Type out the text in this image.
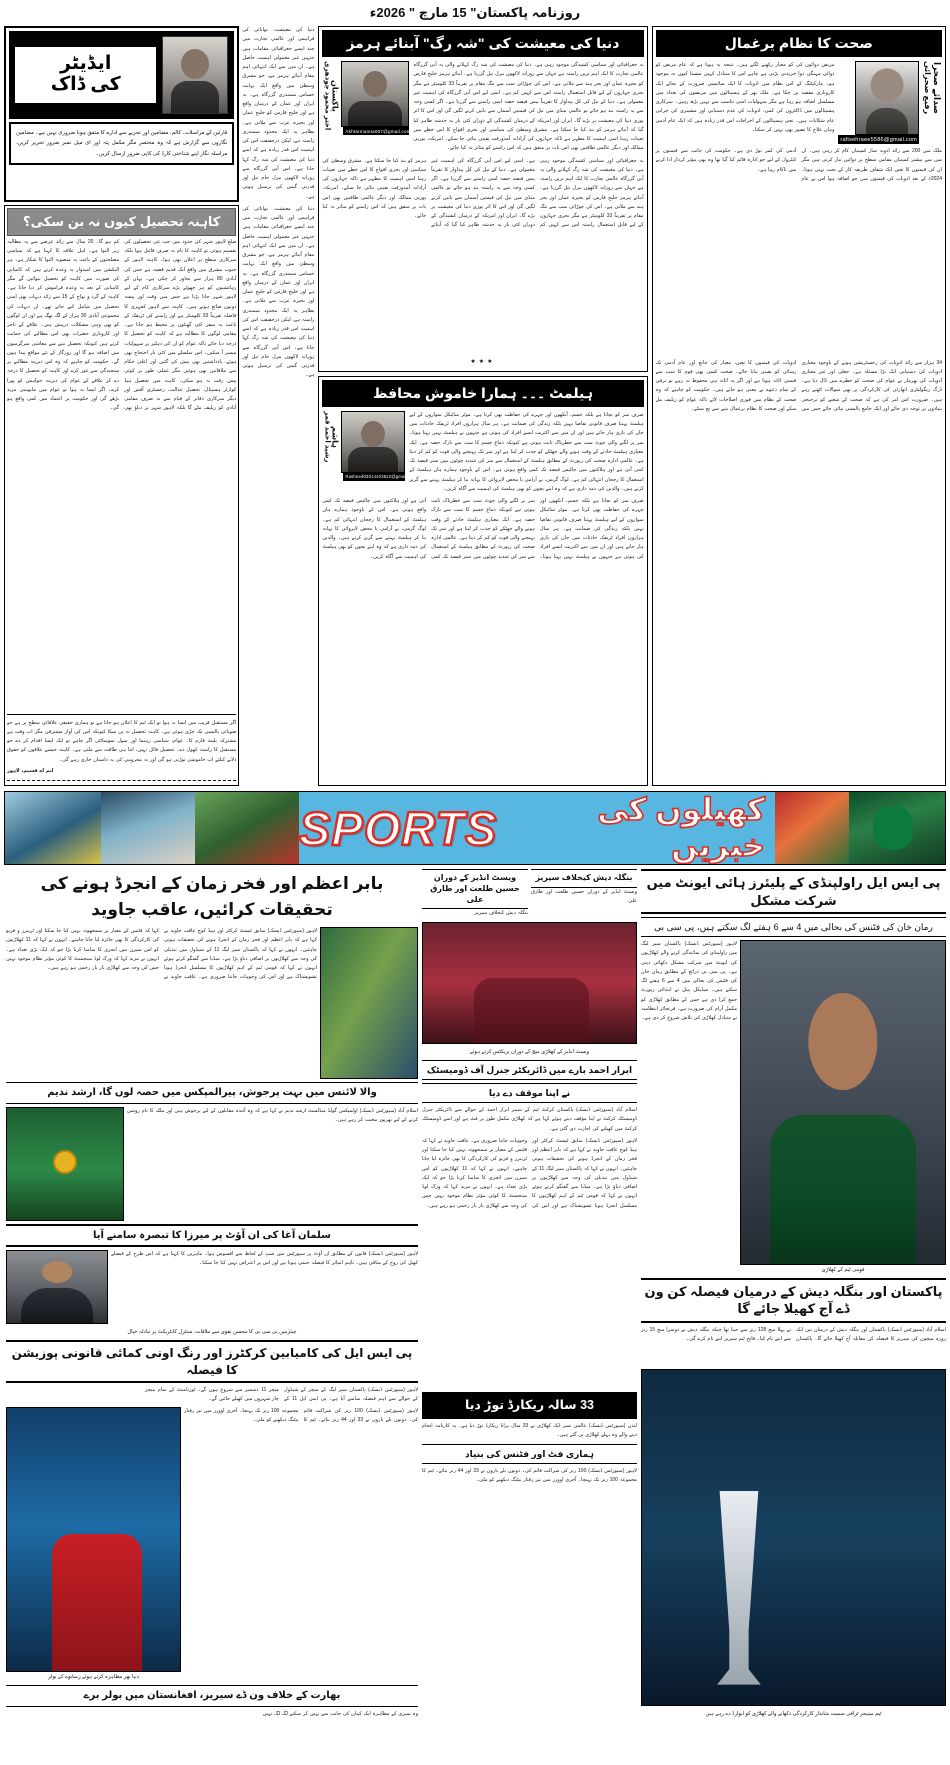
روزنامہ پاکستان" 15 مارچ " 2026ء
صحت کا نظام یرغمال
صدائے صحرا
رفیع صحرائی
rafisehraee5586@gmail.com
مریض دوائوں کی کو معیار رکھتے لگتے ہیں۔ نتیجہ یہ ہوتا ہے کہ عام مریض کو دوائی مہنگی دوا خریدنی پڑتی ہے چاہے اس کا متبادل کہیں سستا کیوں نہ موجود ہو۔ مارکیٹنگ کے اس نظام میں ادویات کا ایک سائنسی ضرورت کے بجائے ایک کاروباری مقصد بن چکا ہے۔ ملک بھر کے ہسپتالوں میں مریضوں کی تعداد میں مسلسل اضافہ ہو رہا ہے مگر سہولیات اسی تناسب سے نہیں بڑھ رہیں۔ سرکاری ہسپتالوں میں ڈاکٹروں کی کمی، ادویات کی عدم دستیابی اور مشینری کی خرابی عام شکایات ہیں۔ نجی ہسپتالوں کے اخراجات اس قدر زیادہ ہیں کہ ایک عام آدمی وہاں علاج کا تصور بھی نہیں کر سکتا۔
ملک میں 200 سے زائد ادویہ ساز کمپنیاں کام کر رہی ہیں۔ ان میں سے بیشتر کمپنیاں مقامی سطح پر دوائیں تیار کرتی ہیں مگر ان کی قیمتوں کا تعین ایک شفاف طریقہ کار کے تحت نہیں ہوتا۔ 2024ء کے بعد ادویات کی قیمتوں میں جو اضافہ ہوا اس نے عام آدمی کی کمر توڑ دی ہے۔ حکومت کی جانب سے قیمتوں پر کنٹرول کے لیے جو ادارہ قائم کیا گیا تھا وہ بھی مؤثر کردار ادا کرنے میں ناکام رہا ہے۔
34 ہزار سے زائد ادویات کی رجسٹریشن ہونے کے باوجود معیاری ادویات کی دستیابی ایک بڑا مسئلہ ہے۔ جعلی اور غیر معیاری ادویات کی بھرمار نے عوام کی صحت کو خطرے میں ڈال دیا ہے۔ ڈرگ ریگولیٹری اتھارٹی کی کارکردگی پر بھی سوالات اٹھتے رہے ہیں۔ ضرورت اس امر کی ہے کہ صحت کے شعبے کو ترجیحی بنیادوں پر توجہ دی جائے اور ایک جامع پالیسی بنائی جائے جس میں ادویات کی قیمتوں کا تعین، معیار کی جانچ اور عام آدمی تک رسائی کو یقینی بنایا جائے۔ صحت کسی بھی قوم کا سب سے قیمتی اثاثہ ہوتا ہے اور اگر یہ اثاثہ ہی محفوظ نہ رہے تو ترقی کے تمام دعوے بے معنی ہو جاتے ہیں۔ حکومت کو چاہیے کہ وہ صحت کے نظام میں فوری اصلاحات لائے تاکہ عوام کو ریلیف مل سکے اور صحت کا نظام یرغمال بننے سے بچ سکے۔
دنیا کی معیشت کی "شہ رگ" آبنائے ہرمز
یہ جغرافیائی اور سیاسی کشیدگی موجود رہی ہے۔ دنیا کی معیشت کی شہ رگ کہلانے والی یہ آبی گزرگاہ عالمی تجارت کا ایک اہم ترین راستہ ہے جہاں سے روزانہ لاکھوں بیرل تیل گزرتا ہے۔ آبنائے ہرمز خلیج فارس کو بحیرہ عمان اور بحر ہند سے ملاتی ہے۔ اس کی چوڑائی سب سے تنگ مقام پر تقریباً 33 کلومیٹر ہے مگر بحری جہازوں کے لیے قابل استعمال راستہ اس سے کہیں کم ہے۔ اسی لیے اس آبی گزرگاہ کی اہمیت غیر معمولی ہے۔ دنیا کے تیل کی کل پیداوار کا تقریباً بیس فیصد حصہ اسی راستے سے گزرتا ہے۔ اگر کسی وجہ سے یہ راستہ بند ہو جائے تو عالمی منڈی میں تیل کی قیمتیں آسمان سے باتیں کرنے لگیں گی اور اس کا اثر پوری دنیا کی معیشت پر پڑے گا۔ ایران اور امریکہ کے درمیان کشیدگی کے دوران کئی بار یہ خدشہ ظاہر کیا گیا کہ آبنائے ہرمز کو بند کیا جا سکتا ہے۔ مشرق وسطیٰ کی سیاسی اور بحری افواج کا اس خطے میں تعینات رہنا اسی اہمیت کا مظہر ہے تاکہ جہازوں کی آزادانہ آمدورفت یقینی بنائی جا سکے۔ امریکہ، یورپی ممالک اور دیگر عالمی طاقتیں بھی اس بات پر متفق ہیں کہ اس راستے کو متاثر نہ کیا جائے۔
Akhtarmamta007@gmail.com
پاکستان
اختر محمود چودھری
یہ جغرافیائی اور سیاسی کشیدگی موجود رہی ہے۔ دنیا کی معیشت کی شہ رگ کہلانے والی یہ آبی گزرگاہ عالمی تجارت کا ایک اہم ترین راستہ ہے جہاں سے روزانہ لاکھوں بیرل تیل گزرتا ہے۔ آبنائے ہرمز خلیج فارس کو بحیرہ عمان اور بحر ہند سے ملاتی ہے۔ اس کی چوڑائی سب سے تنگ مقام پر تقریباً 33 کلومیٹر ہے مگر بحری جہازوں کے لیے قابل استعمال راستہ اس سے کہیں کم ہے۔ اسی لیے اس آبی گزرگاہ کی اہمیت غیر معمولی ہے۔ دنیا کے تیل کی کل پیداوار کا تقریباً بیس فیصد حصہ اسی راستے سے گزرتا ہے۔ اگر کسی وجہ سے یہ راستہ بند ہو جائے تو عالمی منڈی میں تیل کی قیمتیں آسمان سے باتیں کرنے لگیں گی اور اس کا اثر پوری دنیا کی معیشت پر پڑے گا۔ ایران اور امریکہ کے درمیان کشیدگی کے دوران کئی بار یہ خدشہ ظاہر کیا گیا کہ آبنائے ہرمز کو بند کیا جا سکتا ہے۔ مشرق وسطیٰ کی سیاسی اور بحری افواج کا اس خطے میں تعینات رہنا اسی اہمیت کا مظہر ہے تاکہ جہازوں کی آزادانہ آمدورفت یقینی بنائی جا سکے۔ امریکہ، یورپی ممالک اور دیگر عالمی طاقتیں بھی اس بات پر متفق ہیں کہ اس راستے کو متاثر نہ کیا جائے۔
★★★
ہیلمٹ ۔۔۔ ہمارا خاموش محافظ
صرف سر کو بچاتا ہے بلکہ جسم، آنکھوں اور چہرے کی حفاظت بھی کرتا ہے۔ موٹر سائیکل سواروں کے لیے ہیلمٹ پہننا صرف قانونی تقاضا نہیں بلکہ زندگی کی ضمانت ہے۔ ہر سال ہزاروں افراد ٹریفک حادثات میں جان کی بازی ہار جاتے ہیں اور ان میں سے اکثریت ایسے افراد کی ہوتی ہے جنہوں نے ہیلمٹ نہیں پہنا ہوتا۔ سر پر لگنے والی چوٹ سب سے خطرناک ثابت ہوتی ہے کیونکہ دماغ جسم کا سب سے نازک حصہ ہے۔ ایک معیاری ہیلمٹ حادثے کے وقت ہونے والے جھٹکے کو جذب کر لیتا ہے اور سر تک پہنچنے والی قوت کو کم کر دیتا ہے۔ عالمی ادارہ صحت کی رپورٹ کے مطابق ہیلمٹ کے استعمال سے سر کی شدید چوٹوں میں ستر فیصد تک کمی آتی ہے اور ہلاکتوں میں چالیس فیصد تک کمی واقع ہوتی ہے۔ اس کے باوجود ہمارے ہاں ہیلمٹ کے استعمال کا رجحان انتہائی کم ہے۔ لوگ گرمی، بے آرامی یا محض لاپروائی کا بہانہ بنا کر ہیلمٹ پہننے سے گریز کرتے ہیں۔ والدین کی ذمہ داری ہے کہ وہ اپنے بچوں کو بھی ہیلمٹ کی اہمیت سے آگاہ کریں۔
Rasheed03014403622@gmail.com
ہاشم
رشید احمد قمر
صرف سر کو بچاتا ہے بلکہ جسم، آنکھوں اور چہرے کی حفاظت بھی کرتا ہے۔ موٹر سائیکل سواروں کے لیے ہیلمٹ پہننا صرف قانونی تقاضا نہیں بلکہ زندگی کی ضمانت ہے۔ ہر سال ہزاروں افراد ٹریفک حادثات میں جان کی بازی ہار جاتے ہیں اور ان میں سے اکثریت ایسے افراد کی ہوتی ہے جنہوں نے ہیلمٹ نہیں پہنا ہوتا۔ سر پر لگنے والی چوٹ سب سے خطرناک ثابت ہوتی ہے کیونکہ دماغ جسم کا سب سے نازک حصہ ہے۔ ایک معیاری ہیلمٹ حادثے کے وقت ہونے والے جھٹکے کو جذب کر لیتا ہے اور سر تک پہنچنے والی قوت کو کم کر دیتا ہے۔ عالمی ادارہ صحت کی رپورٹ کے مطابق ہیلمٹ کے استعمال سے سر کی شدید چوٹوں میں ستر فیصد تک کمی آتی ہے اور ہلاکتوں میں چالیس فیصد تک کمی واقع ہوتی ہے۔ اس کے باوجود ہمارے ہاں ہیلمٹ کے استعمال کا رجحان انتہائی کم ہے۔ لوگ گرمی، بے آرامی یا محض لاپروائی کا بہانہ بنا کر ہیلمٹ پہننے سے گریز کرتے ہیں۔ والدین کی ذمہ داری ہے کہ وہ اپنے بچوں کو بھی ہیلمٹ کی اہمیت سے آگاہ کریں۔
دنیا کی معیشت، توانائی کی فراہمی اور عالمی تجارت میں چند ایسے جغرافیائی مقامات ہیں جنہیں غیر معمولی اہمیت حاصل ہے۔ ان میں سے ایک انتہائی اہم مقام آبنائے ہرمز ہے، جو مشرق وسطیٰ میں واقع ایک نہایت حساس سمندری گزرگاہ ہے۔ یہ ایران اور عمان کے درمیان واقع ہے اور خلیج فارس کو خلیج عمان اور بحیرہ عرب سے ملاتی ہے۔ بظاہر یہ ایک محدود سمندری راستہ ہے، لیکن درحقیقت اس کی اہمیت اس قدر زیادہ ہے کہ اسے دنیا کی معیشت کی شہ رگ کہا جاتا ہے۔ اس آبی گزرگاہ سے روزانہ لاکھوں بیرل خام تیل اور قدرتی گیس کی ترسیل ہوتی ہے۔
ایڈیٹر
کی ڈاک
قارئین کے مراسلات، کالم، مضامین اور تجزیے سے ادارے کا متفق ہونا ضروری نہیں ہے۔ مضامین نگاروں سے گزارش ہے کہ وہ مختصر مگر مکمل پتہ اور ای میل نمبر ضرور تحریر کریں، مراسلہ نگار اپنے شناختی کارڈ کی کاپی ضرور ارسال کریں۔
دنیا کی معیشت، توانائی کی فراہمی اور عالمی تجارت میں چند ایسے جغرافیائی مقامات ہیں جنہیں غیر معمولی اہمیت حاصل ہے۔ ان میں سے ایک انتہائی اہم مقام آبنائے ہرمز ہے، جو مشرق وسطیٰ میں واقع ایک نہایت حساس سمندری گزرگاہ ہے۔ یہ ایران اور عمان کے درمیان واقع ہے اور خلیج فارس کو خلیج عمان اور بحیرہ عرب سے ملاتی ہے۔ بظاہر یہ ایک محدود سمندری راستہ ہے، لیکن درحقیقت اس کی اہمیت اس قدر زیادہ ہے کہ اسے دنیا کی معیشت کی شہ رگ کہا جاتا ہے۔ اس آبی گزرگاہ سے روزانہ لاکھوں بیرل خام تیل اور قدرتی گیس کی ترسیل ہوتی ہے۔
کاہنہ تحصیل کیوں نہ بن سکی؟
ضلع لاہور شہر کی حدود میں جب نئی تحصیلوں کی تقسیم ہوئی تو کاہنہ کا نام نہ صرف فائنل ہوا بلکہ سرکاری سطح پر اعلان بھی ہوا۔ کاہنہ لاہور کے جنوب مشرق میں واقع ایک قدیم قصبہ ہے جس کی آبادی 80 ہزار سے تجاوز کر چکی ہے۔ یہاں کے رہائشیوں کو ہر چھوٹے بڑے سرکاری کام کے لیے لاہور شہر جانا پڑتا ہے جس میں وقت اور پیسہ دونوں ضائع ہوتے ہیں۔ کاہنہ سے لاہور کچہری کا فاصلہ تقریباً 33 کلومیٹر ہے اور راستے کی ٹریفک کے باعث یہ سفر کئی گھنٹوں پر محیط ہو جاتا ہے۔ مقامی لوگوں کا مطالبہ ہے کہ کاہنہ کو تحصیل کا درجہ دیا جائے تاکہ عوام کو ان کی دہلیز پر سہولیات میسر آ سکیں۔ اس سلسلے میں کئی بار احتجاج بھی ہوئے، یادداشتیں بھی پیش کی گئیں اور اعلیٰ حکام سے ملاقاتیں بھی ہوئیں مگر عملی طور پر کوئی پیش رفت نہ ہو سکی۔ کاہنہ میں تحصیل ہیڈ کوارٹر ہسپتال، تحصیل عدالت، رجسٹری آفس اور دیگر سرکاری دفاتر کے قیام سے نہ صرف مقامی آبادی کو ریلیف ملے گا بلکہ لاہور شہر پر دباؤ بھی کم ہو گا۔ 20 سال سے زائد عرصے سے یہ مطالبہ زیر التوا ہے۔ اہل علاقہ کا کہنا ہے کہ سیاسی مصلحتوں کے باعث یہ منصوبہ التوا کا شکار ہے۔ ہر الیکشن میں امیدوار یہ وعدہ کرتے ہیں کہ کامیابی کی صورت میں کاہنہ کو تحصیل بنوائیں گے مگر کامیابی کے بعد یہ وعدہ فراموش کر دیا جاتا ہے۔ کاہنہ کے گرد و نواح کے 15 سے زائد دیہات بھی اسی تحصیل میں شامل کیے جانے تھے۔ ان دیہات کی مجموعی آبادی 30 ہزار کے لگ بھگ ہے اور ان لوگوں کو بھی وہی مشکلات درپیش ہیں۔ علاقے کے تاجر اور کاروباری حضرات بھی اس مطالبے کی حمایت کرتے ہیں کیونکہ تحصیل بننے سے معاشی سرگرمیوں میں اضافہ ہو گا اور روزگار کے نئے مواقع پیدا ہوں گے۔ حکومت کو چاہیے کہ وہ اس دیرینہ مطالبے پر سنجیدگی سے غور کرے اور کاہنہ کو تحصیل کا درجہ دے کر علاقے کے عوام کی دیرینہ خواہش کو پورا کرے۔ اگر ایسا نہ ہوا تو عوام میں مایوسی مزید بڑھے گی اور حکومت پر اعتماد میں کمی واقع ہو گی۔
اگر مستقبل قریب میں ایسا نہ ہوا تو ایک ٹیم کا اعلان ہو جاتا ہے تو ہماری حقیقی علاقائی سطح پر ہے جو صوبائی پالیسی تک جڑی ہوئی ہے۔ کاہنہ تحصیل نہ بن سکا کیونکہ اس کی آواز مشترقی مگر اب وقت ہے مشترکہ پلیٹ فارم کا۔ عوام، سیاسی رہنما اور سول سوسائٹی اگر چاہے تو ایک ایسا اقدام کر دے جو مستقبل کا راستہ کھول دے۔ تحصیل فائل نہیں، اتنا ہی طاقت سے ملتی ہے۔ کاہنہ جیسے علاقوں کو حقوق دلانے کیلئے اب خاموشی توڑنی ہو گی اور نہ محرومی کی یہ داستان جاری رہے گی۔
ایم اے قسیم، لاہور
کھیلوں کی خبریں
SPORTS
پی ایس ایل راولپنڈی کے پلیئرز ہائی ایونٹ میں شرکت مشکل
رمان خان کی فٹنس کی بحالی میں 4 سے 6 ہفتے لگ سکتے ہیں، پی سی بی
قومی ٹیم کے کھلاڑی
لاہور (سپورٹس ڈیسک) پاکستان سپر لیگ میں راولپنڈی کی نمائندگی کرنے والے کھلاڑیوں کی ایونٹ میں شرکت مشکل دکھائی دیتی ہے۔ پی سی بی ذرائع کے مطابق رمان خان کی فٹنس کی بحالی میں 4 سے 6 ہفتے لگ سکتے ہیں۔ میڈیکل پینل نے ابتدائی رپورٹ جمع کرا دی ہے جس کے مطابق کھلاڑی کو مکمل آرام کی ضرورت ہے۔ فرنچائز انتظامیہ نے متبادل کھلاڑی کی تلاش شروع کر دی ہے۔
پاکستان اور بنگلہ دیش کے درمیان فیصلہ کن ون ڈے آج کھیلا جائے گا
اسلام آباد (سپورٹس ڈیسک) پاکستان اور بنگلہ دیش کے درمیان تین ایک روزہ میچوں کی سیریز کا فیصلہ کن مقابلہ آج کھیلا جائے گا۔ پاکستان نے پہلا میچ 128 رنز سے جیتا تھا جبکہ بنگلہ دیش نے دوسرا میچ 15 رنز سے اپنے نام کیا۔ فاتح ٹیم سیریز اپنے نام کرے گی۔
ٹیم مینیجر ٹرافی سمیت شاندار کارکردگی دکھانے والے کھلاڑی کو ایوارڈ دے رہے ہیں
بنگلہ دیش کیخلاف سیریز
ویسٹ انڈیز کے دوران حسین طلعت اور طارق علی
ویسٹ انڈیز کے دوران حسین طلعت اور طارق علی
بنگلہ دیش کیخلاف سیریز
ویسٹ انڈیز کے کھلاڑی میچ کے دوران پریکٹس کرتے ہوئے
ابرار احمد بارے میں ڈائریکٹر جنرل آف ڈومیسٹک
نے اپنا موقف دے دیا
اسلام آباد (سپورٹس ڈیسک) پاکستان کرکٹ ٹیم کے سپنر ابرار احمد کے حوالے سے ڈائریکٹر جنرل ڈومیسٹک کرکٹ نے اپنا مؤقف دیتے ہوئے کہا ہے کہ کھلاڑی مکمل طور پر فٹ ہے اور اسے ڈومیسٹک کرکٹ میں کھیلنے کی اجازت دی گئی ہے۔
لاہور (سپورٹس ڈیسک) سابق ٹیسٹ کرکٹر اور ہیڈ کوچ عاقب جاوید نے کہا ہے کہ بابر اعظم اور فخر زمان کے انجرڈ ہونے کی تحقیقات ہونی چاہئیں۔ انہوں نے کہا کہ پاکستان سپر لیگ 11 کے شیڈول میں تبدیلی کی وجہ سے کھلاڑیوں پر اضافی دباؤ پڑا ہے۔ میڈیا سے گفتگو کرتے ہوئے انہوں نے کہا کہ قومی ٹیم کے اہم کھلاڑیوں کا مسلسل انجرڈ ہونا تشویشناک ہے اور اس کی وجوہات جاننا ضروری ہے۔ عاقب جاوید نے کہا کہ فٹنس کے معیار پر سمجھوتہ نہیں کیا جا سکتا اور ٹرینرز و فزیو کی کارکردگی کا بھی جائزہ لیا جانا چاہیے۔ انہوں نے کہا کہ 11 کھلاڑیوں کو اس سیزن میں انجری کا سامنا کرنا پڑا جو کہ ایک بڑی تعداد ہے۔ انہوں نے مزید کہا کہ ورک لوڈ مینجمنٹ کا کوئی مؤثر نظام موجود نہیں جس کی وجہ سے کھلاڑی بار بار زخمی ہو رہے ہیں۔
33 سالہ ریکارڈ توڑ دیا
لندن (سپورٹس ڈیسک) عالمی نمبر ایک کھلاڑی نے 33 سال پرانا ریکارڈ توڑ دیا ہے۔ یہ کارنامہ انجام دینے والے وہ پہلے کھلاڑی بن گئے ہیں۔
ہماری فٹ اور فٹنس کی بنیاد
لاہور (سپورٹس ڈیسک) 100 رنز کی شراکت قائم کی۔ دونوں بلے بازوں نے 33 اور 44 رنز بنائے۔ ٹیم کا مجموعہ 100 رنز تک پہنچا۔ آخری اوورز میں تیز رفتار بیٹنگ دیکھنے کو ملی۔
بابر اعظم اور فخر زمان کے انجرڈ ہونے کی تحقیقات کرائیں، عاقب جاوید
لاہور (سپورٹس ڈیسک) سابق ٹیسٹ کرکٹر اور ہیڈ کوچ عاقب جاوید نے کہا ہے کہ بابر اعظم اور فخر زمان کے انجرڈ ہونے کی تحقیقات ہونی چاہئیں۔ انہوں نے کہا کہ پاکستان سپر لیگ 11 کے شیڈول میں تبدیلی کی وجہ سے کھلاڑیوں پر اضافی دباؤ پڑا ہے۔ میڈیا سے گفتگو کرتے ہوئے انہوں نے کہا کہ قومی ٹیم کے اہم کھلاڑیوں کا مسلسل انجرڈ ہونا تشویشناک ہے اور اس کی وجوہات جاننا ضروری ہے۔ عاقب جاوید نے کہا کہ فٹنس کے معیار پر سمجھوتہ نہیں کیا جا سکتا اور ٹرینرز و فزیو کی کارکردگی کا بھی جائزہ لیا جانا چاہیے۔ انہوں نے کہا کہ 11 کھلاڑیوں کو اس سیزن میں انجری کا سامنا کرنا پڑا جو کہ ایک بڑی تعداد ہے۔ انہوں نے مزید کہا کہ ورک لوڈ مینجمنٹ کا کوئی مؤثر نظام موجود نہیں جس کی وجہ سے کھلاڑی بار بار زخمی ہو رہے ہیں۔
والا لائنس میں بہت پرجوش، پیرالمپکس میں حصہ لوں گا، ارشد ندیم
اسلام آباد (سپورٹس ڈیسک) اولمپکس گولڈ میڈلسٹ ارشد ندیم نے کہا ہے کہ وہ آئندہ مقابلوں کے لیے پرجوش ہیں اور ملک کا نام روشن کرنے کے لیے بھرپور محنت کر رہے ہیں۔
سلمان آغا کی ان آؤٹ پر میرزا کا تبصرہ سامنے آیا
لاہور (سپورٹس ڈیسک) قانون کے مطابق ان آؤٹ پر سپورٹس مین شپ کے لحاظ سے افسوس ہوا۔ ماہرین کا کہنا ہے کہ اس طرح کے فیصلے کھیل کی روح کے منافی ہیں۔ تاہم امپائر کا فیصلہ حتمی ہوتا ہے اور اس پر اعتراض نہیں کیا جا سکتا۔
چیئرمین پی سی بی کا محسن نقوی سے ملاقات، سنٹرل کانٹریکٹ پر تبادلہ خیال
پی ایس ایل کی کامیابین کرکٹرز اور رنگ اونی کمائی قانونی پوزیشن کا فیصلہ
لاہور (سپورٹس ڈیسک) پاکستان سپر لیگ کے میچز کے شیڈول کے حوالے سے اہم فیصلہ سامنے آیا ہے۔ پی ایس ایل 11 کے میچز 11 دسمبر سے شروع ہوں گے۔ ٹورنامنٹ کے تمام میچز چار شہروں میں کھیلے جائیں گے۔
لاہور (سپورٹس ڈیسک) 100 رنز کی شراکت قائم کی۔ دونوں بلے بازوں نے 33 اور 44 رنز بنائے۔ ٹیم کا مجموعہ 100 رنز تک پہنچا۔ آخری اوورز میں تیز رفتار بیٹنگ دیکھنے کو ملی۔
دنیا بھر مظاہرہ کرتے ہوئے زمبابوے کے بولر
بھارت کے خلاف ون ڈے سیریز، افغانستان میں بولر برے
وہ بمیری کے مظاہرہ ایک کپتان کی جانب سے نہیں کر سکتے لگ لگ نہیں
